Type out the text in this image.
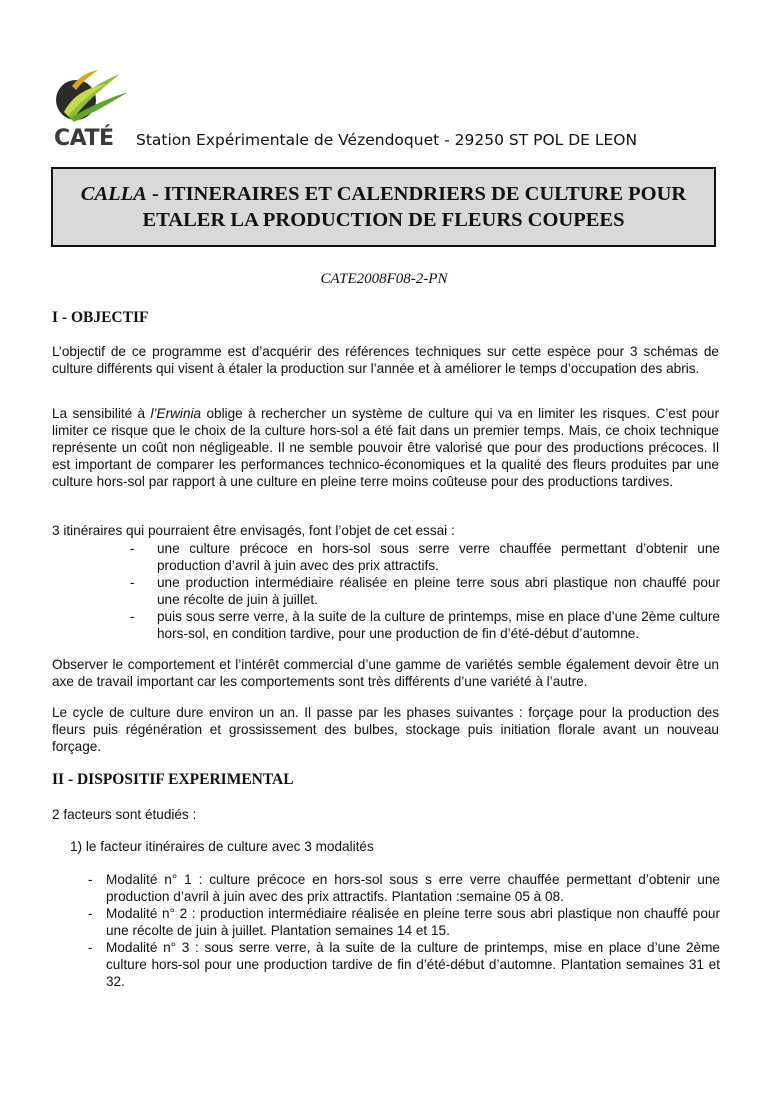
CATÉ Station Expérimentale de Vézendoquet - 29250 ST POL DE LEON
CALLA - ITINERAIRES ET CALENDRIERS DE CULTURE POUR
ETALER LA PRODUCTION DE FLEURS COUPEES
CATE2008F08-2-PN
I - OBJECTIF
L’objectif de ce programme est d’acquérir des références techniques sur cette espèce pour 3 schémas de culture différents qui visent à étaler la production sur l’année et à améliorer le temps d’occupation des abris.
La sensibilité à l’Erwinia oblige à rechercher un système de culture qui va en limiter les risques. C’est pour limiter ce risque que le choix de la culture hors-sol a été fait dans un premier temps. Mais, ce choix technique représente un coût non négligeable. Il ne semble pouvoir être valorisé que pour des productions précoces. Il est important de comparer les performances technico-économiques et la qualité des fleurs produites par une culture hors-sol par rapport à une culture en pleine terre moins coûteuse pour des productions tardives.
3 itinéraires qui pourraient être envisagés, font l’objet de cet essai :
- une culture précoce en hors-sol sous serre verre chauffée permettant d’obtenir une production d’avril à juin avec des prix attractifs.
- une production intermédiaire réalisée en pleine terre sous abri plastique non chauffé pour une récolte de juin à juillet.
- puis sous serre verre, à la suite de la culture de printemps, mise en place d’une 2ème culture hors-sol, en condition tardive, pour une production de fin d’été-début d’automne.
Observer le comportement et l’intérêt commercial d’une gamme de variétés semble également devoir être un axe de travail important car les comportements sont très différents d’une variété à l’autre.
Le cycle de culture dure environ un an. Il passe par les phases suivantes : forçage pour la production des fleurs puis régénération et grossissement des bulbes, stockage puis initiation florale avant un nouveau forçage.
II - DISPOSITIF EXPERIMENTAL
2 facteurs sont étudiés :
1) le facteur itinéraires de culture avec 3 modalités
- Modalité n° 1 : culture précoce en hors-sol sous s erre verre chauffée permettant d’obtenir une production d’avril à juin avec des prix attractifs. Plantation :semaine 05 à 08.
- Modalité n° 2 : production intermédiaire réalisée en pleine terre sous abri plastique non chauffé pour une récolte de juin à juillet. Plantation semaines 14 et 15.
- Modalité n° 3 : sous serre verre, à la suite de la culture de printemps, mise en place d’une 2ème culture hors-sol pour une production tardive de fin d’été-début d’automne. Plantation semaines 31 et 32.
